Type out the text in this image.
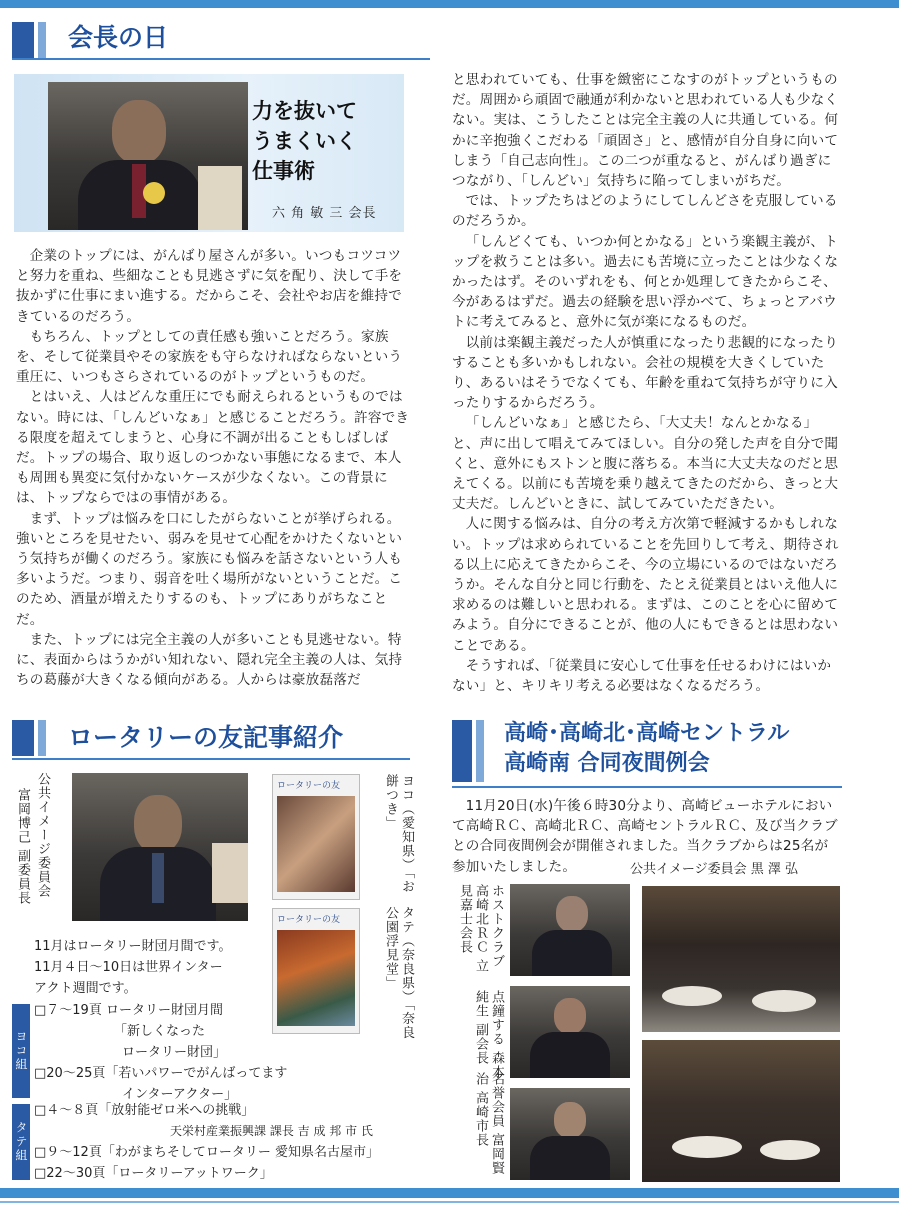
会長の日
力を抜いて
うまくいく
仕事術
六 角 敏 三 会長

企業のトップには、がんばり屋さんが多い。いつもコツコツと努力を重ね、些細なことも見逃さずに気を配り、決して手を抜かずに仕事にまい進する。だからこそ、会社やお店を維持できているのだろう。

もちろん、トップとしての責任感も強いことだろう。家族を、そして従業員やその家族をも守らなければならないという重圧に、いつもさらされているのがトップというものだ。

とはいえ、人はどんな重圧にでも耐えられるというものではない。時には、「しんどいなぁ」と感じることだろう。許容できる限度を超えてしまうと、心身に不調が出ることもしばしばだ。トップの場合、取り返しのつかない事態になるまで、本人も周囲も異変に気付かないケースが少なくない。この背景には、トップならではの事情がある。

まず、トップは悩みを口にしたがらないことが挙げられる。強いところを見せたい、弱みを見せて心配をかけたくないという気持ちが働くのだろう。家族にも悩みを話さないという人も多いようだ。つまり、弱音を吐く場所がないということだ。このため、酒量が増えたりするのも、トップにありがちなことだ。

また、トップには完全主義の人が多いことも見逃せない。特に、表面からはうかがい知れない、隠れ完全主義の人は、気持ちの葛藤が大きくなる傾向がある。人からは豪放磊落だ

と思われていても、仕事を緻密にこなすのがトップというものだ。周囲から頑固で融通が利かないと思われている人も少なくない。実は、こうしたことは完全主義の人に共通している。何かに辛抱強くこだわる「頑固さ」と、感情が自分自身に向いてしまう「自己志向性」。この二つが重なると、がんばり過ぎにつながり、「しんどい」気持ちに陥ってしまいがちだ。

では、トップたちはどのようにしてしんどさを克服しているのだろうか。

「しんどくても、いつか何とかなる」という楽観主義が、トップを救うことは多い。過去にも苦境に立ったことは少なくなかったはず。そのいずれをも、何とか処理してきたからこそ、今があるはずだ。過去の経験を思い浮かべて、ちょっとアバウトに考えてみると、意外に気が楽になるものだ。

以前は楽観主義だった人が慎重になったり悲観的になったりすることも多いかもしれない。会社の規模を大きくしていたり、あるいはそうでなくても、年齢を重ねて気持ちが守りに入ったりするからだろう。

「しんどいなぁ」と感じたら、「大丈夫！なんとかなる」と、声に出して唱えてみてほしい。自分の発した声を自分で聞くと、意外にもストンと腹に落ちる。本当に大丈夫なのだと思えてくる。以前にも苦境を乗り越えてきたのだから、きっと大丈夫だ。しんどいときに、試してみていただきたい。

人に関する悩みは、自分の考え方次第で軽減するかもしれない。トップは求められていることを先回りして考え、期待される以上に応えてきたからこそ、今の立場にいるのではないだろうか。そんな自分と同じ行動を、たとえ従業員とはいえ他人に求めるのは難しいと思われる。まずは、このことを心に留めてみよう。自分にできることが、他の人にもできるとは思わないことである。

そうすれば、「従業員に安心して仕事を任せるわけにはいかない」と、キリキリ考える必要はなくなるだろう。

ロータリーの友記事紹介
公共イメージ委員会
富岡博己 副委員長
ロータリーの友	ヨコ（愛知県）「お餅つき」
ロータリーの友	タテ（奈良県）「奈良公園浮見堂」
11月はロータリー財団月間です。
11月４日～10日は世界インター
アクト週間です。
ヨコ組
□７～19頁 ロータリー財団月間
「新しくなった
ロータリー財団」
□20～25頁「若いパワーでがんばってます
インターアクター」
タテ組
□４～８頁「放射能ゼロ米への挑戦」
天栄村産業振興課 課長 吉 成 邦 市 氏
□９～12頁「わがまちそしてロータリー 愛知県名古屋市」
□22～30頁「ロータリーアットワーク」
高崎･高崎北･高崎セントラル
高崎南 合同夜間例会

11月20日(水)午後６時30分より、高崎ビューホテルにおいて高崎ＲＣ、高崎北ＲＣ、高崎セントラルＲＣ、及び当クラブとの合同夜間例会が開催されました。当クラブからは25名が参加いたしました。	公共イメージ委員会 黒 澤 弘
ホストクラブ 高崎北ＲＣ 立見嘉士会長
点鐘する 森本純生 副会長
名誉会員 富岡賢治 高崎市長
